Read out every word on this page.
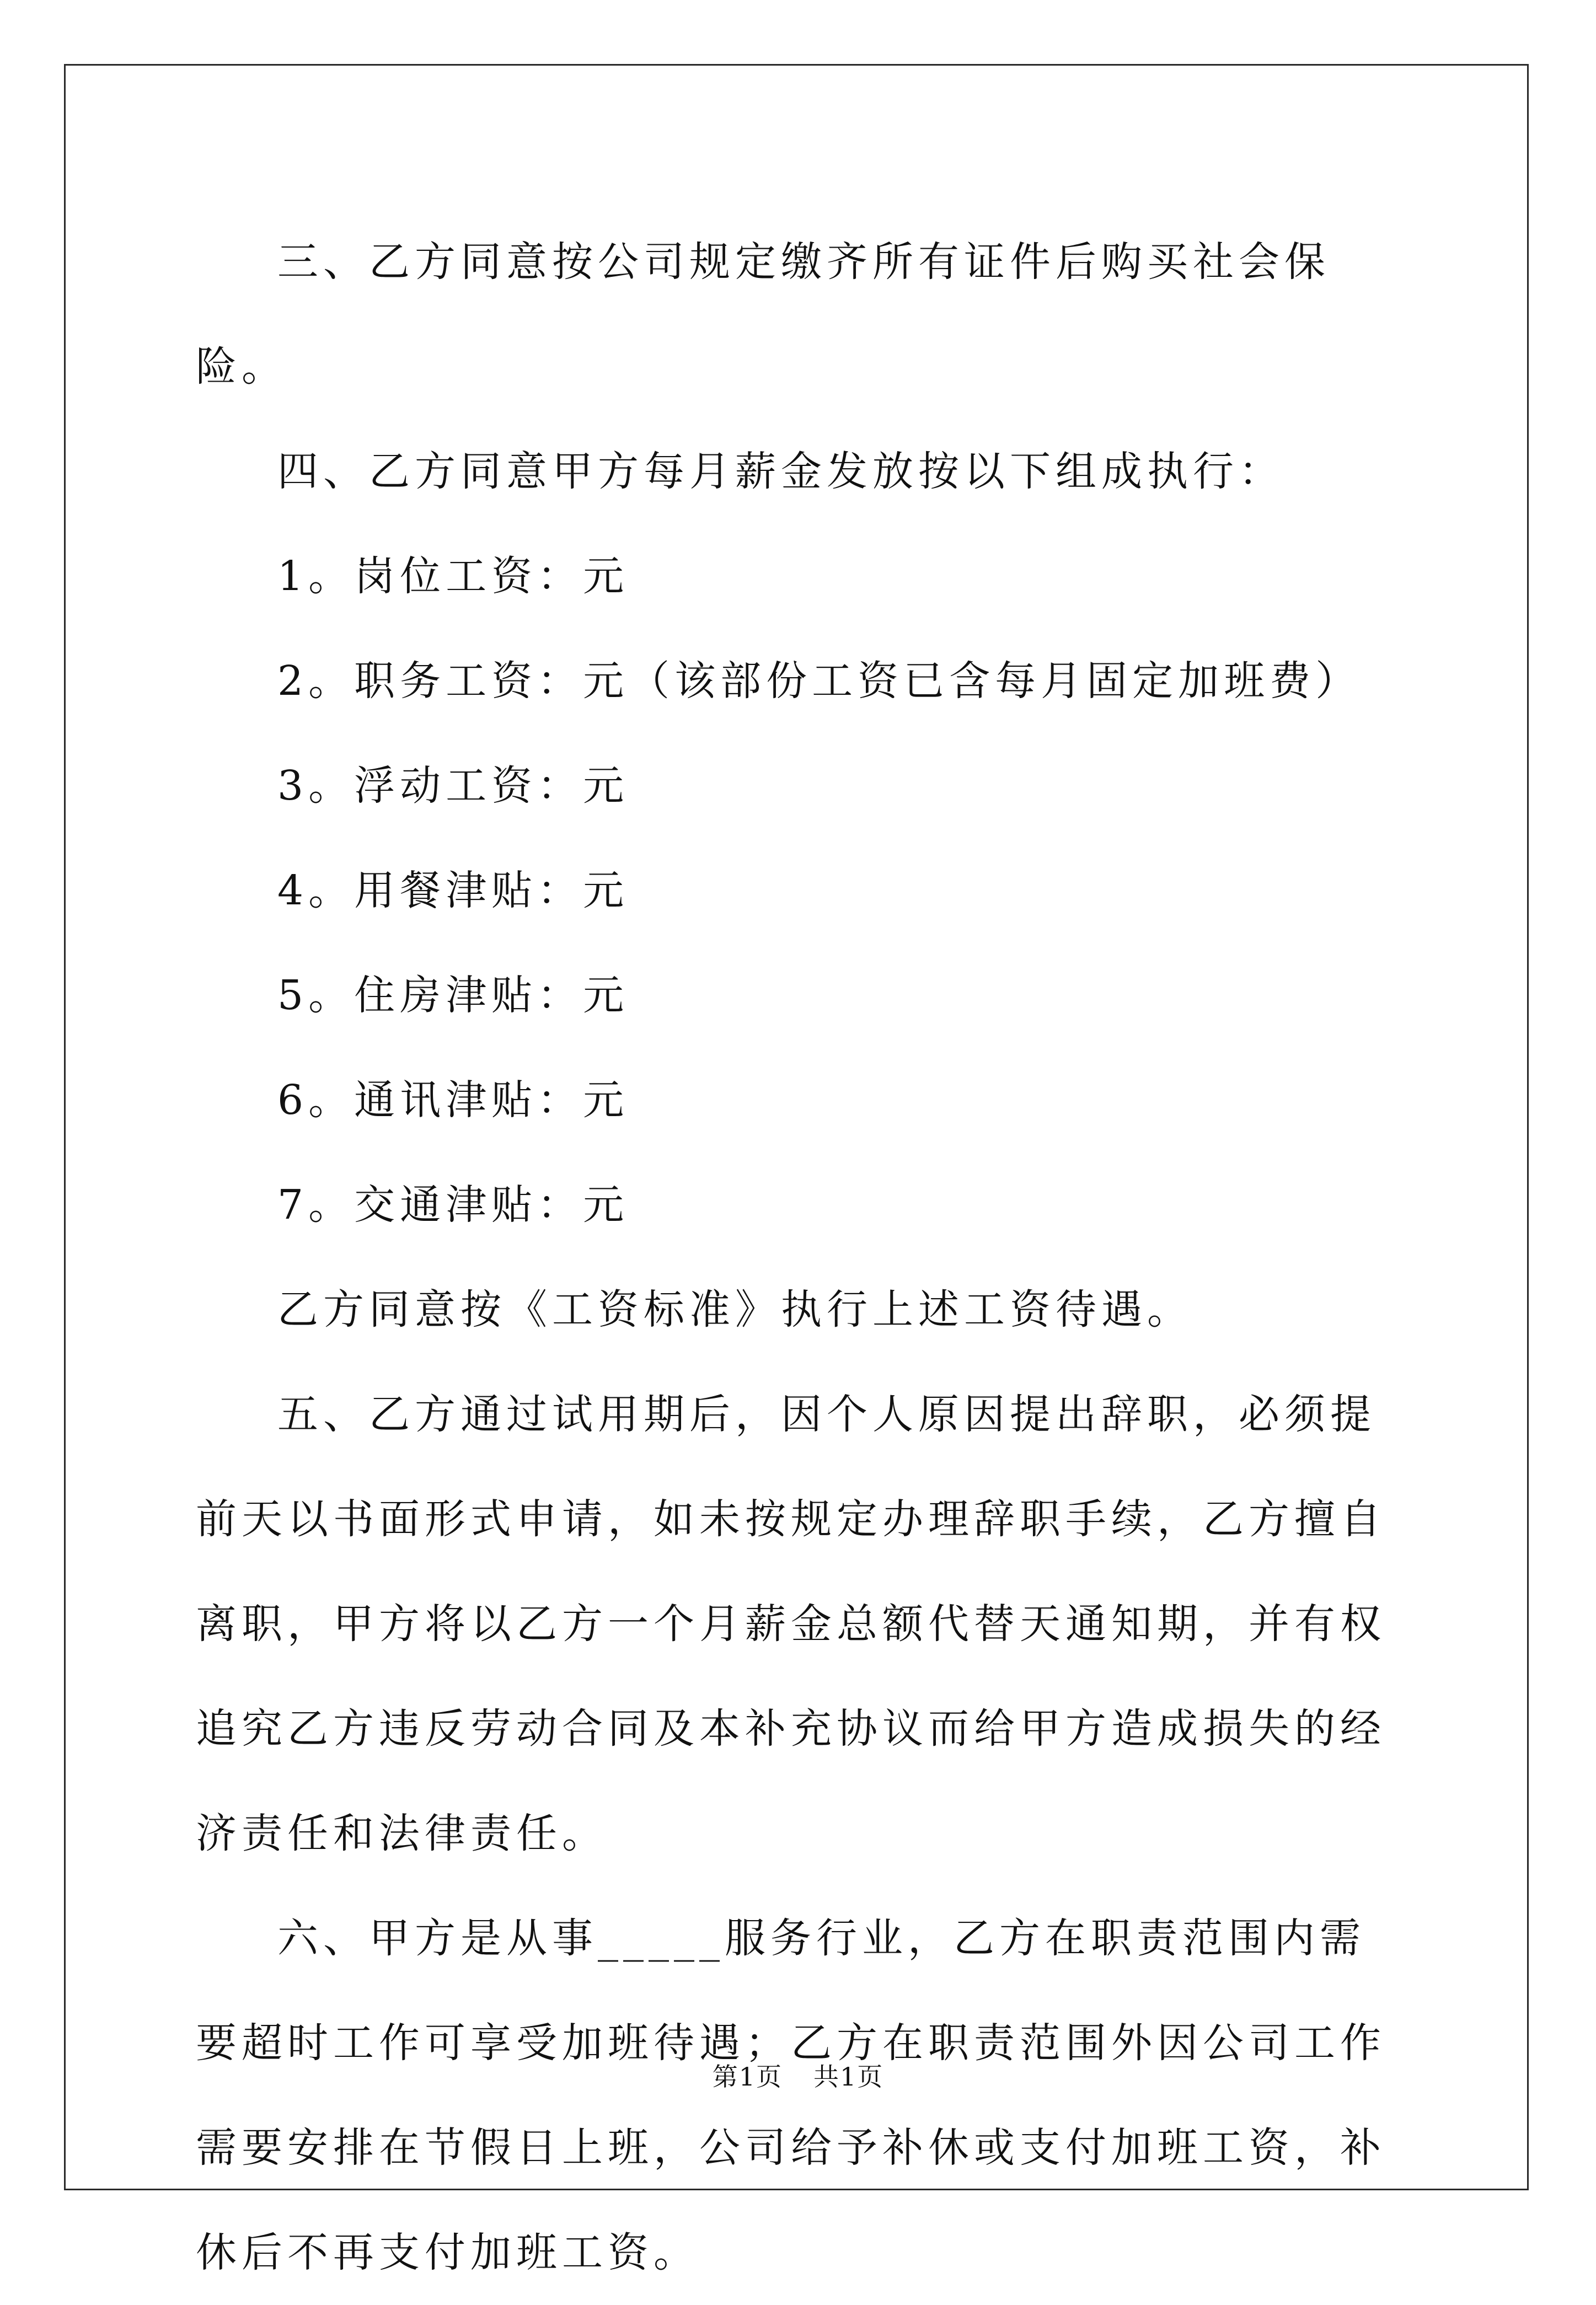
三、乙方同意按公司规定缴齐所有证件后购买社会保险。

四、乙方同意甲方每月薪金发放按以下组成执行：

1。岗位工资：元

2。职务工资：元（该部份工资已含每月固定加班费）

3。浮动工资：元

4。用餐津贴：元

5。住房津贴：元

6。通讯津贴：元

7。交通津贴：元

乙方同意按《工资标准》执行上述工资待遇。

五、乙方通过试用期后，因个人原因提出辞职，必须提前天以书面形式申请，如未按规定办理辞职手续，乙方擅自离职，甲方将以乙方一个月薪金总额代替天通知期，并有权追究乙方违反劳动合同及本补充协议而给甲方造成损失的经济责任和法律责任。

六、甲方是从事_____服务行业，乙方在职责范围内需要超时工作可享受加班待遇；乙方在职责范围外因公司工作需要安排在节假日上班，公司给予补休或支付加班工资，补休后不再支付加班工资。

第1页 共1页
